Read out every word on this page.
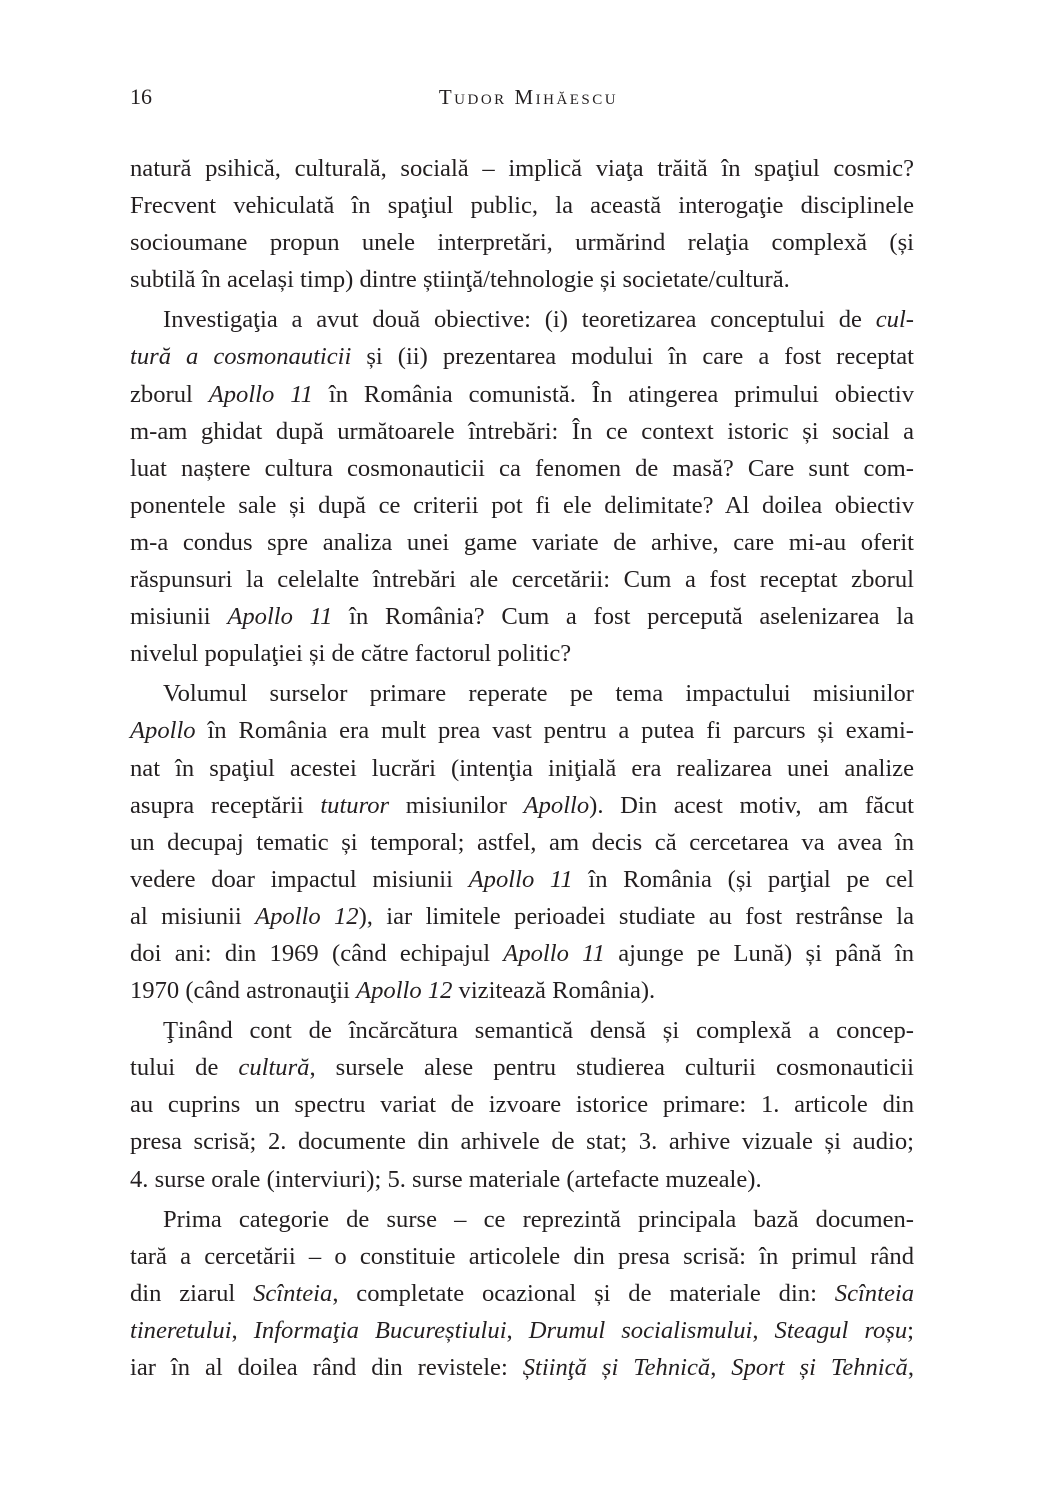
16	Tudor Mihăescu

natură psihică, culturală, socială – implică viaţa trăită în spaţiul cosmic?
Frecvent vehiculată în spaţiul public, la această interogaţie disciplinele
socioumane propun unele interpretări, urmărind relaţia complexă (și
subtilă în același timp) dintre știinţă/tehnologie și societate/cultură.

Investigaţia a avut două obiective: (i) teoretizarea conceptului de cul-
tură a cosmonauticii și (ii) prezentarea modului în care a fost receptat
zborul Apollo 11 în România comunistă. În atingerea primului obiectiv
m-am ghidat după următoarele întrebări: În ce context istoric și social a
luat naștere cultura cosmonauticii ca fenomen de masă? Care sunt com-
ponentele sale și după ce criterii pot fi ele delimitate? Al doilea obiectiv
m-a condus spre analiza unei game variate de arhive, care mi-au oferit
răspunsuri la celelalte întrebări ale cercetării: Cum a fost receptat zborul
misiunii Apollo 11 în România? Cum a fost percepută aselenizarea la
nivelul populaţiei și de către factorul politic?

Volumul surselor primare reperate pe tema impactului misiunilor
Apollo în România era mult prea vast pentru a putea fi parcurs și exami-
nat în spaţiul acestei lucrări (intenţia iniţială era realizarea unei analize
asupra receptării tuturor misiunilor Apollo). Din acest motiv, am făcut
un decupaj tematic și temporal; astfel, am decis că cercetarea va avea în
vedere doar impactul misiunii Apollo 11 în România (și parţial pe cel
al misiunii Apollo 12), iar limitele perioadei studiate au fost restrânse la
doi ani: din 1969 (când echipajul Apollo 11 ajunge pe Lună) și până în
1970 (când astronauţii Apollo 12 vizitează România).

Ţinând cont de încărcătura semantică densă și complexă a concep-
tului de cultură, sursele alese pentru studierea culturii cosmonauticii
au cuprins un spectru variat de izvoare istorice primare: 1. articole din
presa scrisă; 2. documente din arhivele de stat; 3. arhive vizuale și audio;
4. surse orale (interviuri); 5. surse materiale (artefacte muzeale).

Prima categorie de surse – ce reprezintă principala bază documen-
tară a cercetării – o constituie articolele din presa scrisă: în primul rând
din ziarul Scînteia, completate ocazional și de materiale din: Scînteia
tineretului, Informaţia Bucureștiului, Drumul socialismului, Steagul roșu;
iar în al doilea rând din revistele: Știinţă și Tehnică, Sport și Tehnică,
